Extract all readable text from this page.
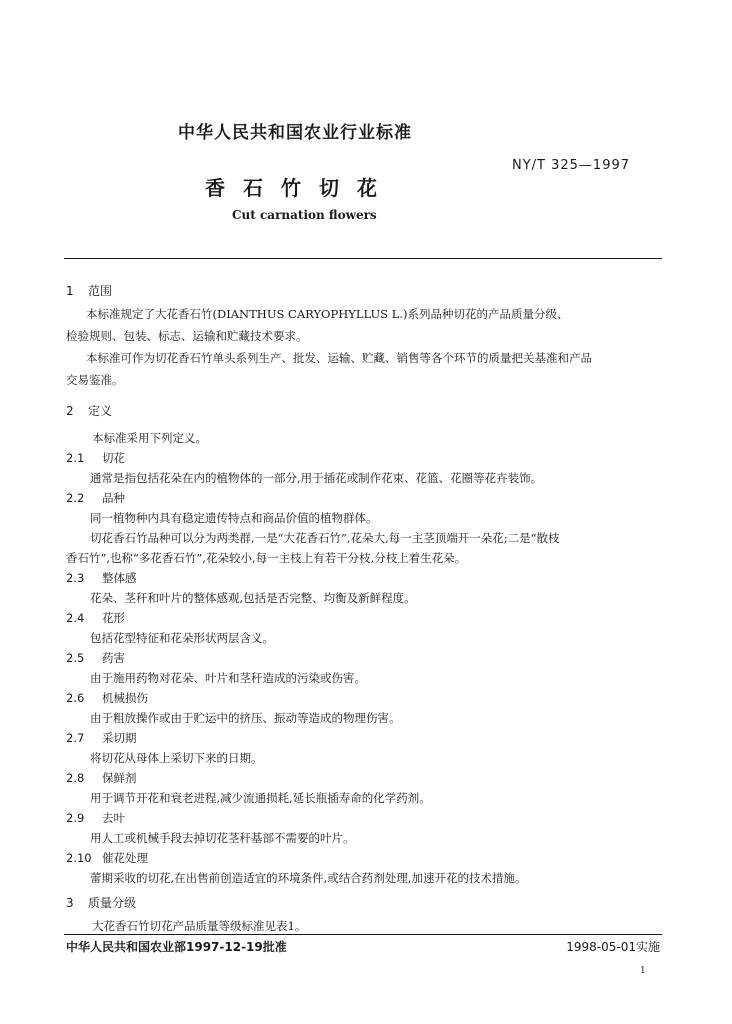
中华人民共和国农业行业标准
NY/T 325—1997
香石竹切花
Cut carnation flowers
1 范围
本标准规定了大花香石竹(DIANTHUS CARYOPHYLLUS L.)系列品种切花的产品质量分级、
检验规则、包装、标志、运输和贮藏技术要求。
本标准可作为切花香石竹单头系列生产、批发、运输、贮藏、销售等各个环节的质量把关基准和产品
交易鉴准。
2 定义
本标准采用下列定义。
2.1 切花
通常是指包括花朵在内的植物体的一部分,用于插花或制作花束、花篮、花圈等花卉装饰。
2.2 品种
同一植物种内具有稳定遗传特点和商品价值的植物群体。
切花香石竹品种可以分为两类群,一是“大花香石竹”,花朵大,每一主茎顶端开一朵花;二是“散枝
香石竹”,也称“多花香石竹”,花朵较小,每一主枝上有若干分枝,分枝上着生花朵。
2.3 整体感
花朵、茎秆和叶片的整体感观,包括是否完整、均衡及新鲜程度。
2.4 花形
包括花型特征和花朵形状两层含义。
2.5 药害
由于施用药物对花朵、叶片和茎秆造成的污染或伤害。
2.6 机械损伤
由于粗放操作或由于贮运中的挤压、振动等造成的物理伤害。
2.7 采切期
将切花从母体上采切下来的日期。
2.8 保鲜剂
用于调节开花和衰老进程,减少流通损耗,延长瓶插寿命的化学药剂。
2.9 去叶
用人工或机械手段去掉切花茎秆基部不需要的叶片。
2.10 催花处理
蕾期采收的切花,在出售前创造适宜的环境条件,或结合药剂处理,加速开花的技术措施。
3 质量分级
大花香石竹切花产品质量等级标准见表1。
中华人民共和国农业部1997-12-19批准	1998-05-01实施
1
